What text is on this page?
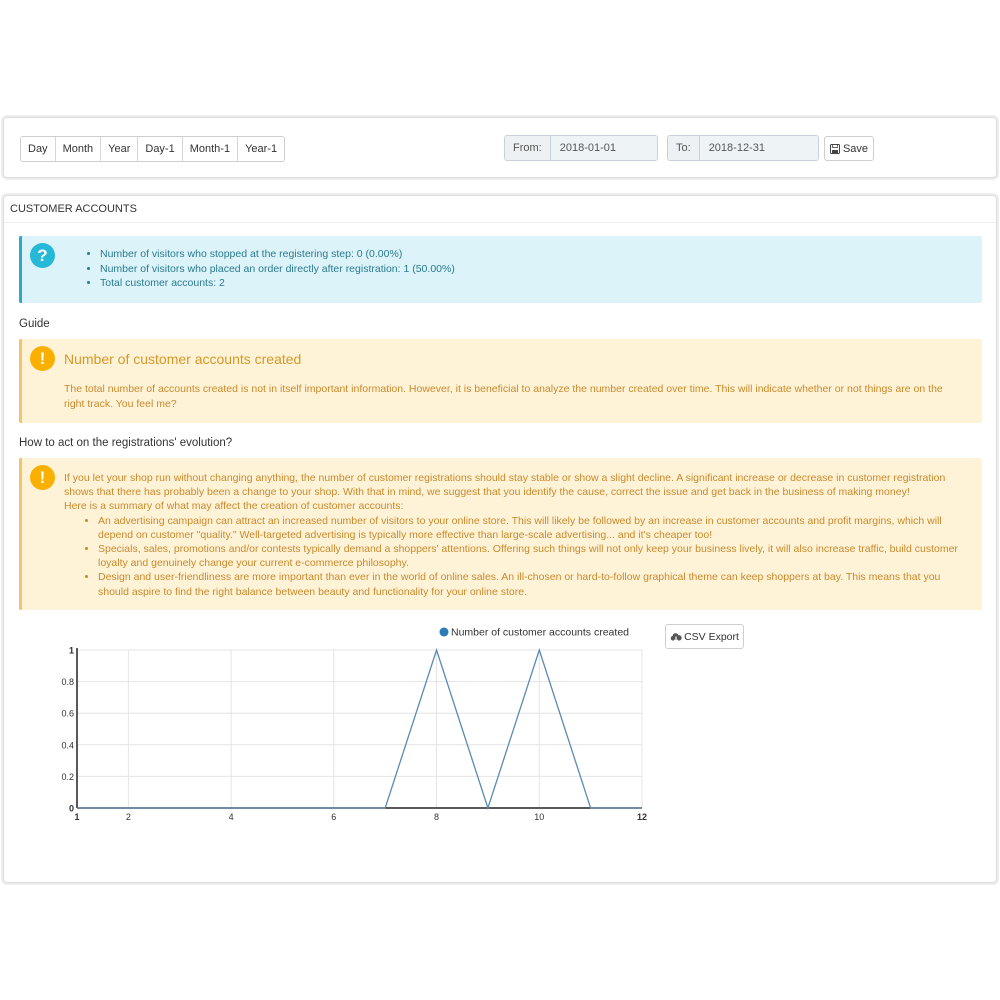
Day	Month	Year	Day-1	Month-1	Year-1	From:
2018-01-01	To:
2018-12-31	Save
CUSTOMER ACCOUNTS
?
•	Number of visitors who stopped at the registering step: 0 (0.00%)
• Number of visitors who placed an order directly after registration: 1 (50.00%)
• Total customer accounts: 2
Guide
!	Number of customer accounts created
The total number of accounts created is not in itself important information. However, it is beneficial to analyze the number created over time. This will indicate whether or not things are on the right track. You feel me?
How to act on the registrations' evolution?
!	If you let your shop run without changing anything, the number of customer registrations should stay stable or show a slight decline. A significant increase or decrease in customer registration shows that there has probably been a change to your shop. With that in mind, we suggest that you identify the cause, correct the issue and get back in the business of making money!
Here is a summary of what may affect the creation of customer accounts:
• An advertising campaign can attract an increased number of visitors to your online store. This will likely be followed by an increase in customer accounts and profit margins, which will depend on customer "quality." Well-targeted advertising is typically more effective than large-scale advertising... and it's cheaper too!
• Specials, sales, promotions and/or contests typically demand a shoppers' attentions. Offering such things will not only keep your business lively, it will also increase traffic, build customer loyalty and genuinely change your current e-commerce philosophy.
• Design and user-friendliness are more important than ever in the world of online sales. An ill-chosen or hard-to-follow graphical theme can keep shoppers at bay. This means that you should aspire to find the right balance between beauty and functionality for your online store.
0
0.2
0.4
0.6
0.8
1
1	2	4	6	8	10	12
Number of customer accounts created	CSV Export
